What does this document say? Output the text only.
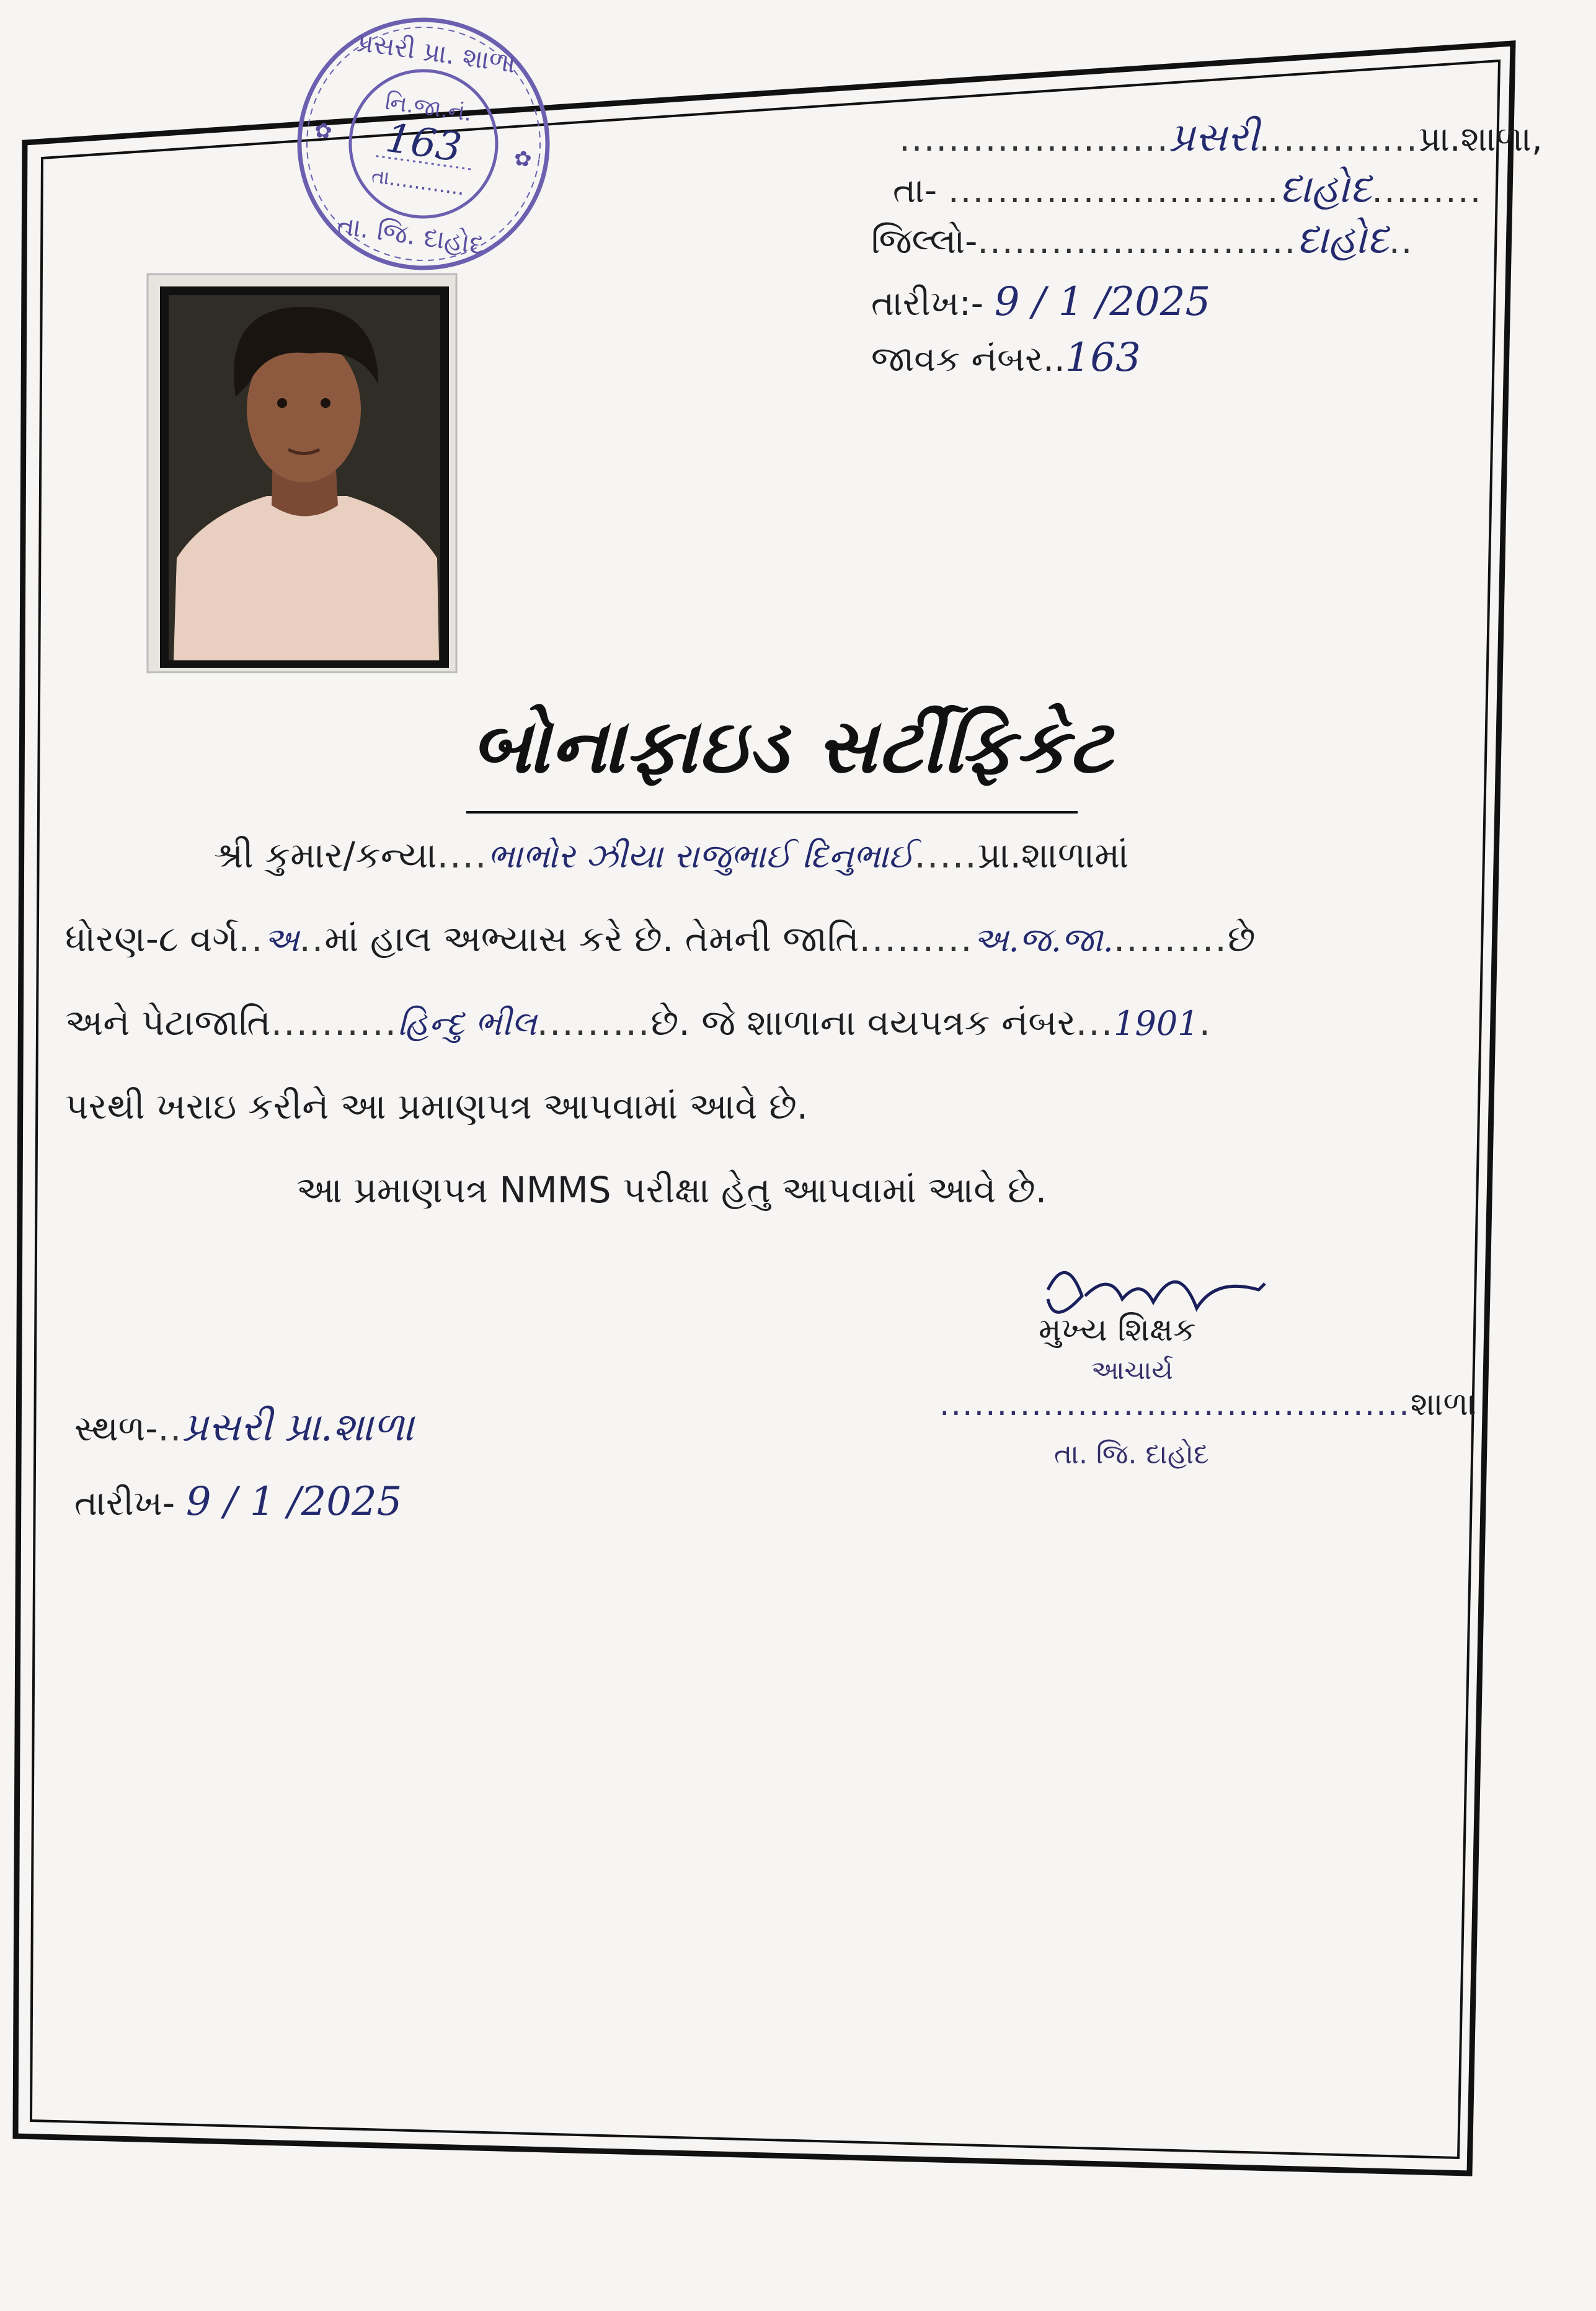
પ્રસરી પ્રા. શાળા
તા. જિ. દાહોદ
નિ.જા.નં.
163
તા............
✿
✿	......................પ્રસરી.............પ્રા.શાળા,
તા- ...........................દાહોદ.........
જિલ્લો-..........................દાહોદ..
તારીખ:- 9 / 1 /2025
જાવક નંબર..163
બોનાફાઇડ સર્ટીફિકેટ
શ્રી કુમાર/કન્યા....ભાભોર ઝીયા રાજુભાઈ દિનુભાઈ.....પ્રા.શાળામાં
ધોરણ-૮ વર્ગ..અ..માં હાલ અભ્યાસ કરે છે. તેમની જાતિ.........અ.જ.જા..........છે
અને પેટાજાતિ..........હિન્દુ ભીલ.........છે. જે શાળાના વયપત્રક નંબર...1901.
પરથી ખરાઇ કરીને આ પ્રમાણપત્ર આપવામાં આવે છે.
આ પ્રમાણપત્ર NMMS પરીક્ષા હેતુ આપવામાં આવે છે.
મુખ્ય શિક્ષક
આચાર્ય
.........................................શાળા
તા. જિ. દાહોદ
સ્થળ-..પ્રસરી પ્રા.શાળા
તારીખ- 9 / 1 /2025
